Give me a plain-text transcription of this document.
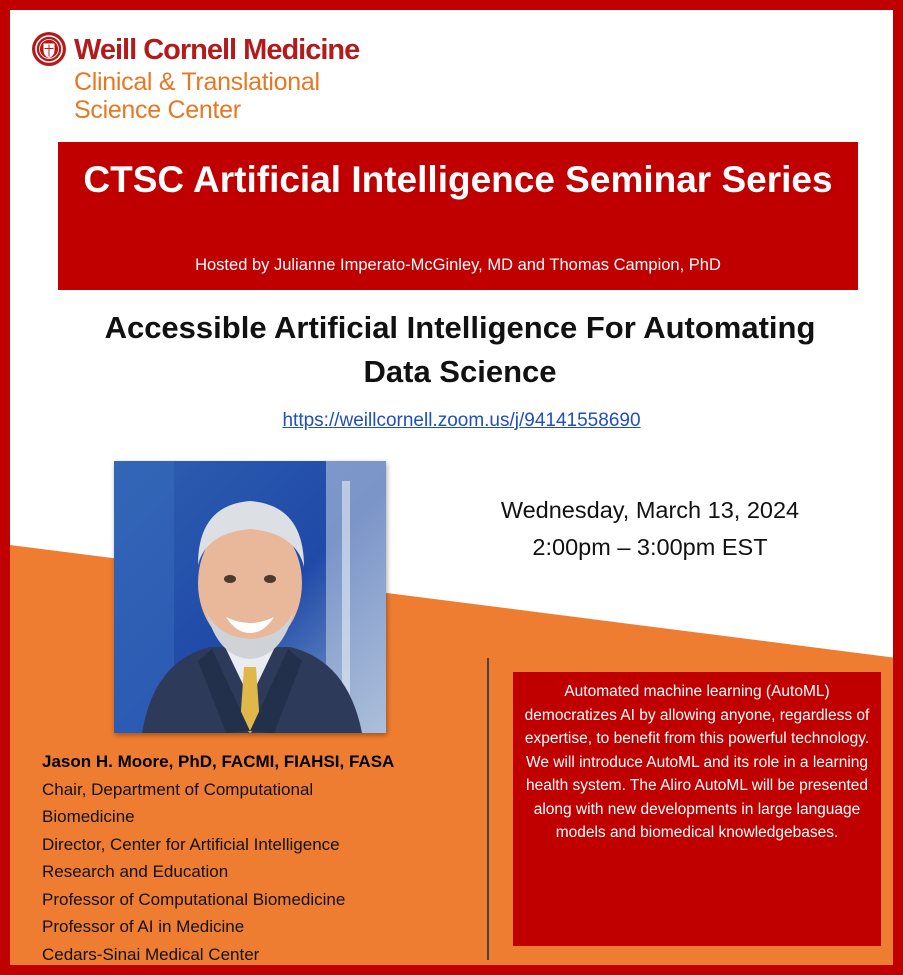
Weill Cornell Medicine
Clinical & Translational
Science Center
CTSC Artificial Intelligence Seminar Series
Hosted by Julianne Imperato-McGinley, MD and Thomas Campion, PhD
Accessible Artificial Intelligence For Automating Data Science
https://weillcornell.zoom.us/j/94141558690
Wednesday, March 13, 2024
2:00pm – 3:00pm EST
Jason H. Moore, PhD, FACMI, FIAHSI, FASA
Chair, Department of Computational
Biomedicine
Director, Center for Artificial Intelligence
Research and Education
Professor of Computational Biomedicine
Professor of AI in Medicine
Cedars-Sinai Medical Center
Automated machine learning (AutoML) democratizes AI by allowing anyone, regardless of expertise, to benefit from this powerful technology. We will introduce AutoML and its role in a learning health system. The Aliro AutoML will be presented along with new developments in large language models and biomedical knowledgebases.
